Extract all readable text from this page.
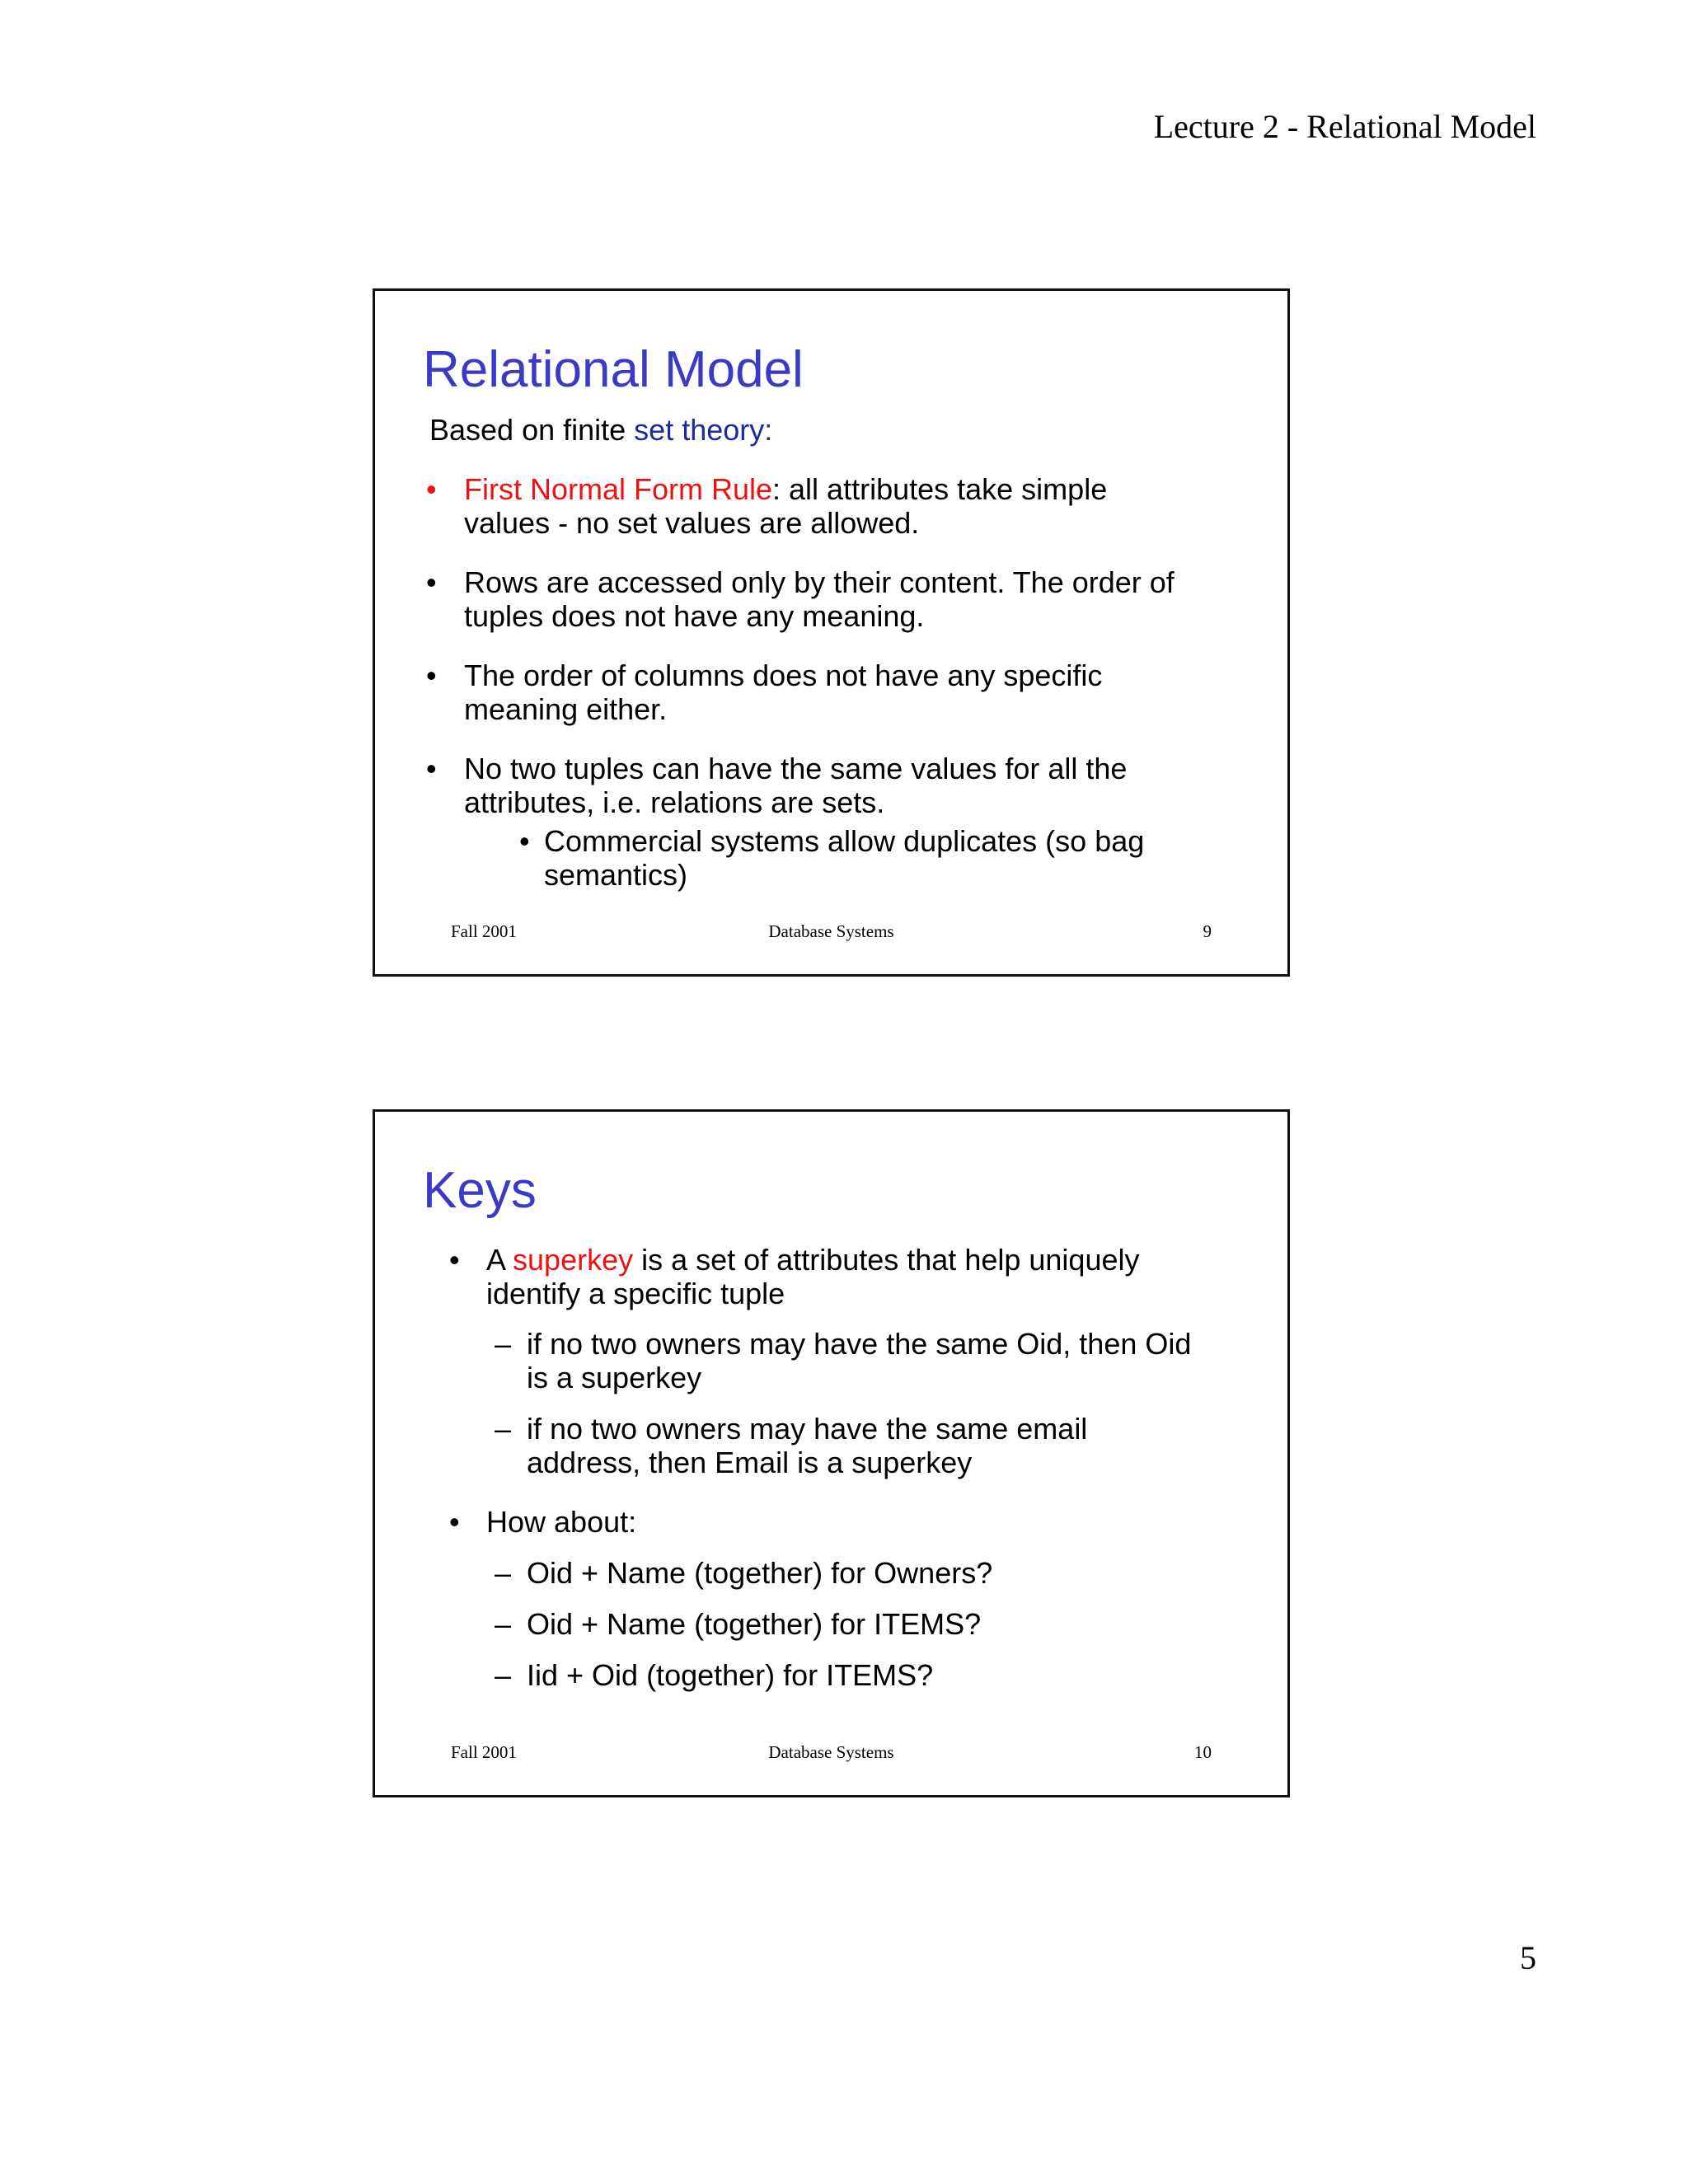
Lecture 2 - Relational Model
Relational Model
Based on finite set theory:
• First Normal Form Rule: all attributes take simple
values - no set values are allowed.
• Rows are accessed only by their content. The order of
tuples does not have any meaning.
• The order of columns does not have any specific
meaning either.
• No two tuples can have the same values for all the
attributes, i.e. relations are sets.
• Commercial systems allow duplicates (so bag
semantics)
Fall 2001	Database Systems	9
Keys
• A superkey is a set of attributes that help uniquely
identify a specific tuple
– if no two owners may have the same Oid, then Oid
is a superkey
– if no two owners may have the same email
address, then Email is a superkey
• How about:
– Oid + Name (together) for Owners?
– Oid + Name (together) for ITEMS?
– Iid + Oid (together) for ITEMS?
Fall 2001	Database Systems	10
5
